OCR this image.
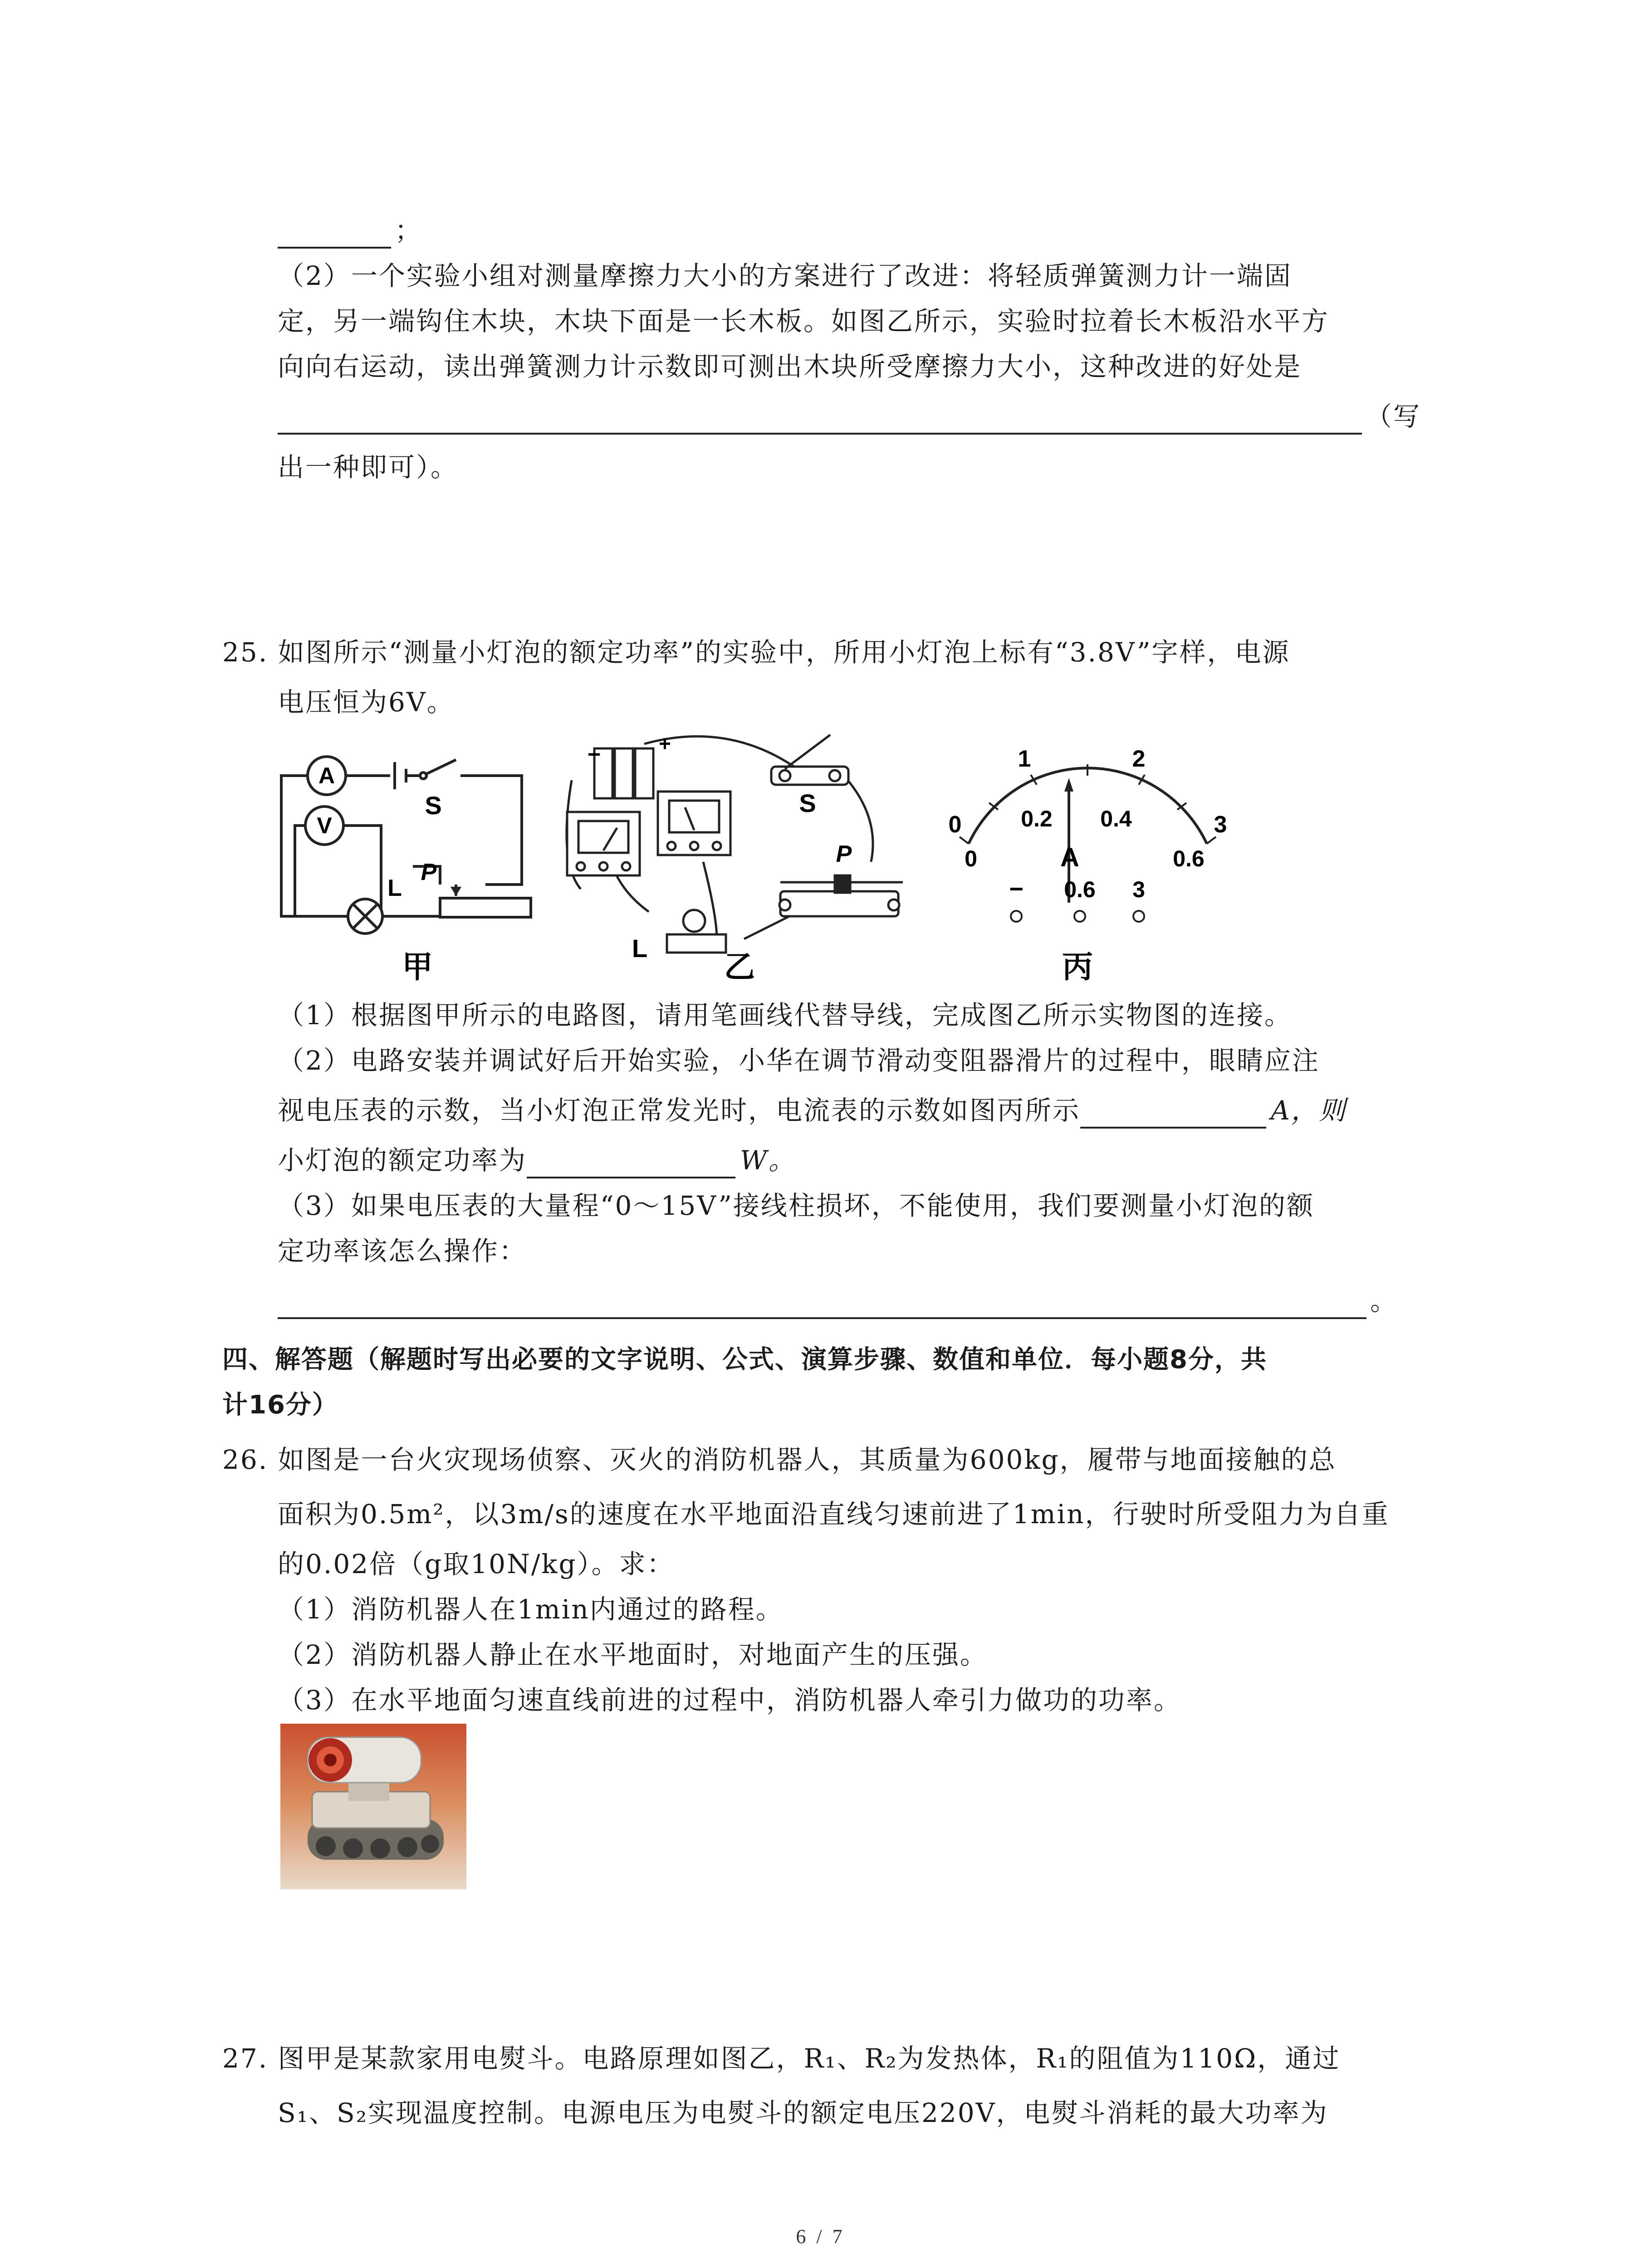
；
（2）一个实验小组对测量摩擦力大小的方案进行了改进：将轻质弹簧测力计一端固
定，另一端钩住木块，木块下面是一长木板。如图乙所示，实验时拉着长木板沿水平方
向向右运动，读出弹簧测力计示数即可测出木块所受摩擦力大小，这种改进的好处是
（写
出一种即可）。
25. 如图所示“测量小灯泡的额定功率”的实验中，所用小灯泡上标有“3.8V”字样，电源
电压恒为6V。
A
V
S
L
P
甲
−	+
S
L
P
乙
0
1	2
3
0
0.2 0.4
0.6
A
− 0.6 3
丙
（1）根据图甲所示的电路图，请用笔画线代替导线，完成图乙所示实物图的连接。
（2）电路安装并调试好后开始实验，小华在调节滑动变阻器滑片的过程中，眼睛应注
视电压表的示数，当小灯泡正常发光时，电流表的示数如图丙所示	A，则
小灯泡的额定功率为	W。
（3）如果电压表的大量程“0～15V”接线柱损坏，不能使用，我们要测量小灯泡的额
定功率该怎么操作：
。
四、解答题（解题时写出必要的文字说明、公式、演算步骤、数值和单位．每小题8分，共
计16分）
26. 如图是一台火灾现场侦察、灭火的消防机器人，其质量为600kg，履带与地面接触的总
面积为0.5m²，以3m/s的速度在水平地面沿直线匀速前进了1min，行驶时所受阻力为自重
的0.02倍（g取10N/kg）。求：
（1）消防机器人在1min内通过的路程。
（2）消防机器人静止在水平地面时，对地面产生的压强。
（3）在水平地面匀速直线前进的过程中，消防机器人牵引力做功的功率。
27. 图甲是某款家用电熨斗。电路原理如图乙，R₁、R₂为发热体，R₁的阻值为110Ω，通过
S₁、S₂实现温度控制。电源电压为电熨斗的额定电压220V，电熨斗消耗的最大功率为
6 / 7
